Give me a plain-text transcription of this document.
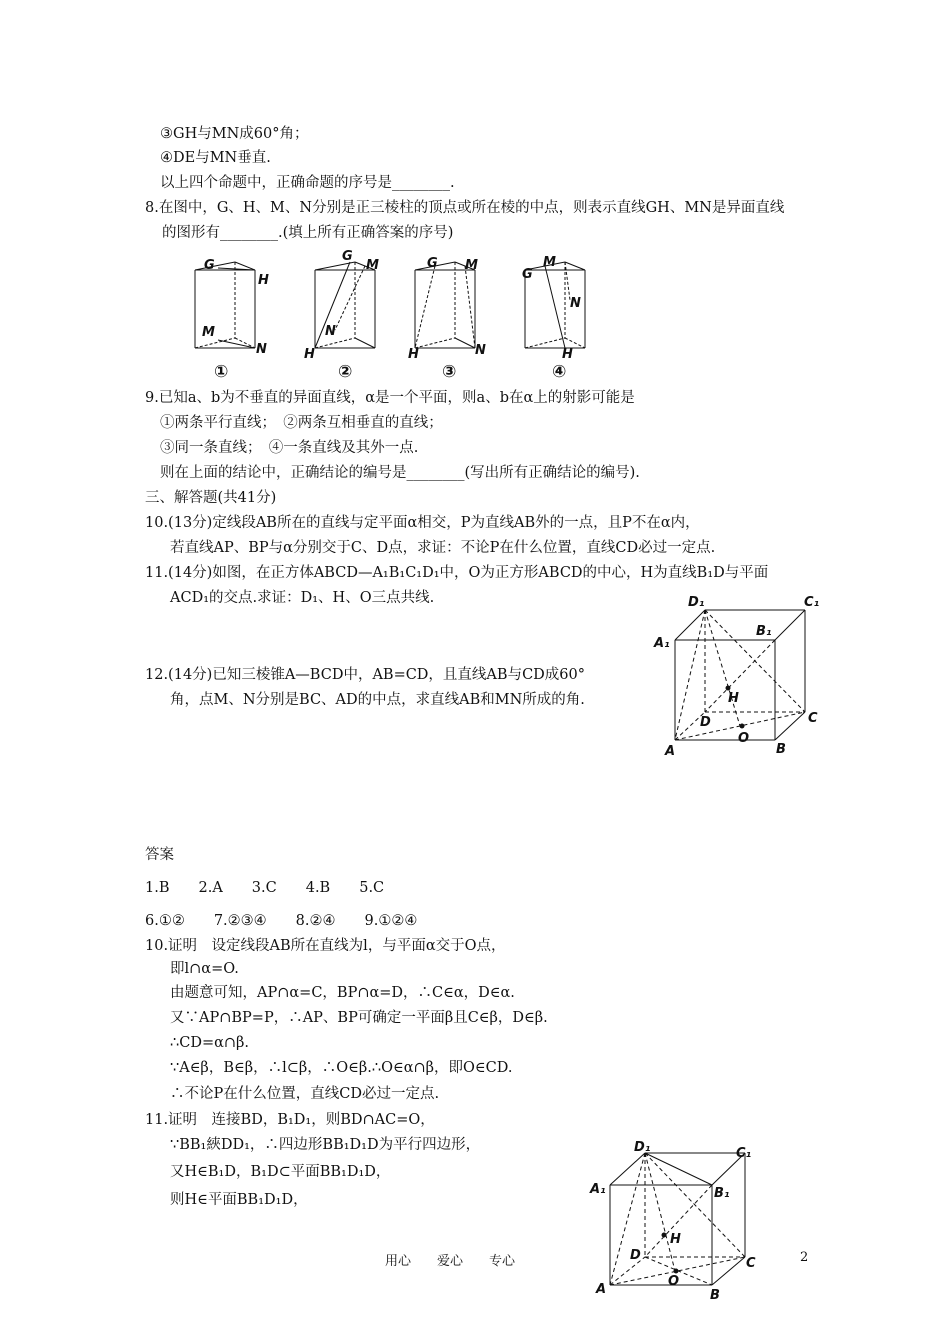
③GH与MN成60°角；
④DE与MN垂直.
以上四个命题中，正确命题的序号是________.
8.在图中，G、H、M、N分别是正三棱柱的顶点或所在棱的中点，则表示直线GH、MN是异面直线
的图形有________.(填上所有正确答案的序号)
G
H
M
N
G
M
N
H
G M
H	N
G
M
N
H
①	②	③	④
9.已知a、b为不垂直的异面直线，α是一个平面，则a、b在α上的射影可能是
①两条平行直线；　②两条互相垂直的直线；
③同一条直线；　④一条直线及其外一点.
则在上面的结论中，正确结论的编号是________(写出所有正确结论的编号).
三、解答题(共41分)
10.(13分)定线段AB所在的直线与定平面α相交，P为直线AB外的一点，且P不在α内，
若直线AP、BP与α分别交于C、D点，求证：不论P在什么位置，直线CD必过一定点.
11.(14分)如图，在正方体ABCD—A₁B₁C₁D₁中，O为正方形ABCD的中心，H为直线B₁D与平面
ACD₁的交点.求证：D₁、H、O三点共线.
12.(14分)已知三棱锥A—BCD中，AB=CD，且直线AB与CD成60°
角，点M、N分别是BC、AD的中点，求直线AB和MN所成的角.
D₁	C₁
A₁
B₁
H
D	C
O
A	B
答案
1.B　　2.A　　3.C　　4.B　　5.C
6.①②　　7.②③④　　8.②④　　9.①②④
10.证明　设定线段AB所在直线为l，与平面α交于O点，
即l∩α=O.
由题意可知，AP∩α=C，BP∩α=D，∴C∈α，D∈α.
又∵AP∩BP=P，∴AP、BP可确定一平面β且C∈β，D∈β.
∴CD=α∩β.
∵A∈β，B∈β，∴l⊂β，∴O∈β.∴O∈α∩β，即O∈CD.
∴不论P在什么位置，直线CD必过一定点.
11.证明　连接BD，B₁D₁，则BD∩AC=O，
∵BB₁綊DD₁，∴四边形BB₁D₁D为平行四边形，
又H∈B₁D，B₁D⊂平面BB₁D₁D，
则H∈平面BB₁D₁D，
D₁	C₁
A₁	B₁
H
D
C
O
A	B
用心　　爱心　　专心	2
